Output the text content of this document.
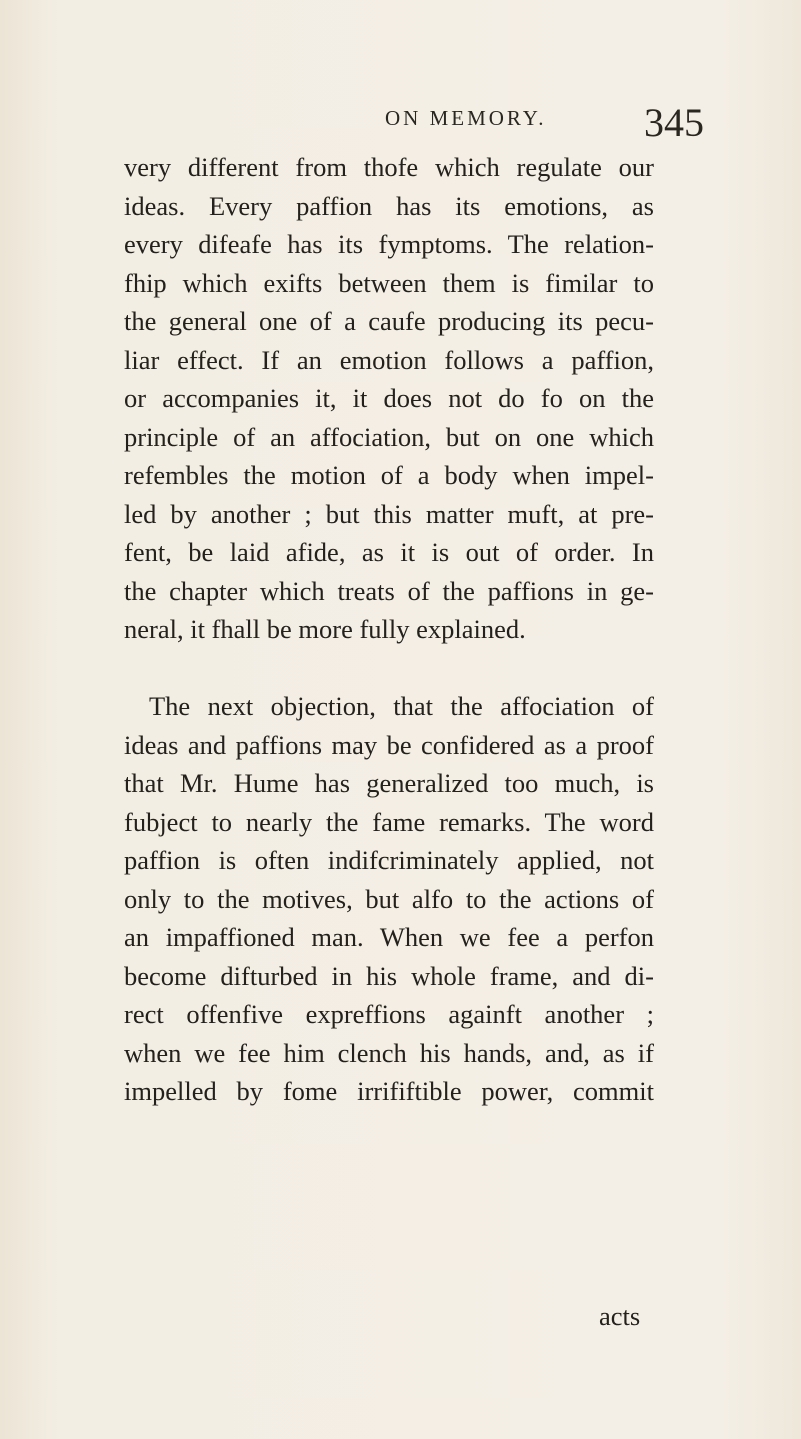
ON MEMORY. 345
very different from thofe which regulate our
ideas. Every paffion has its emotions, as
every difeafe has its fymptoms. The relation-
fhip which exifts between them is fimilar to
the general one of a caufe producing its pecu-
liar effect. If an emotion follows a paffion,
or accompanies it, it does not do fo on the
principle of an affociation, but on one which
refembles the motion of a body when impel-
led by another ; but this matter muft, at pre-
fent, be laid afide, as it is out of order. In
the chapter which treats of the paffions in ge-
neral, it fhall be more fully explained.
The next objection, that the affociation of
ideas and paffions may be confidered as a proof
that Mr. Hume has generalized too much, is
fubject to nearly the fame remarks. The word
paffion is often indifcriminately applied, not
only to the motives, but alfo to the actions of
an impaffioned man. When we fee a perfon
become difturbed in his whole frame, and di-
rect offenfive expreffions againft another ;
when we fee him clench his hands, and, as if
impelled by fome irrififtible power, commit
acts
